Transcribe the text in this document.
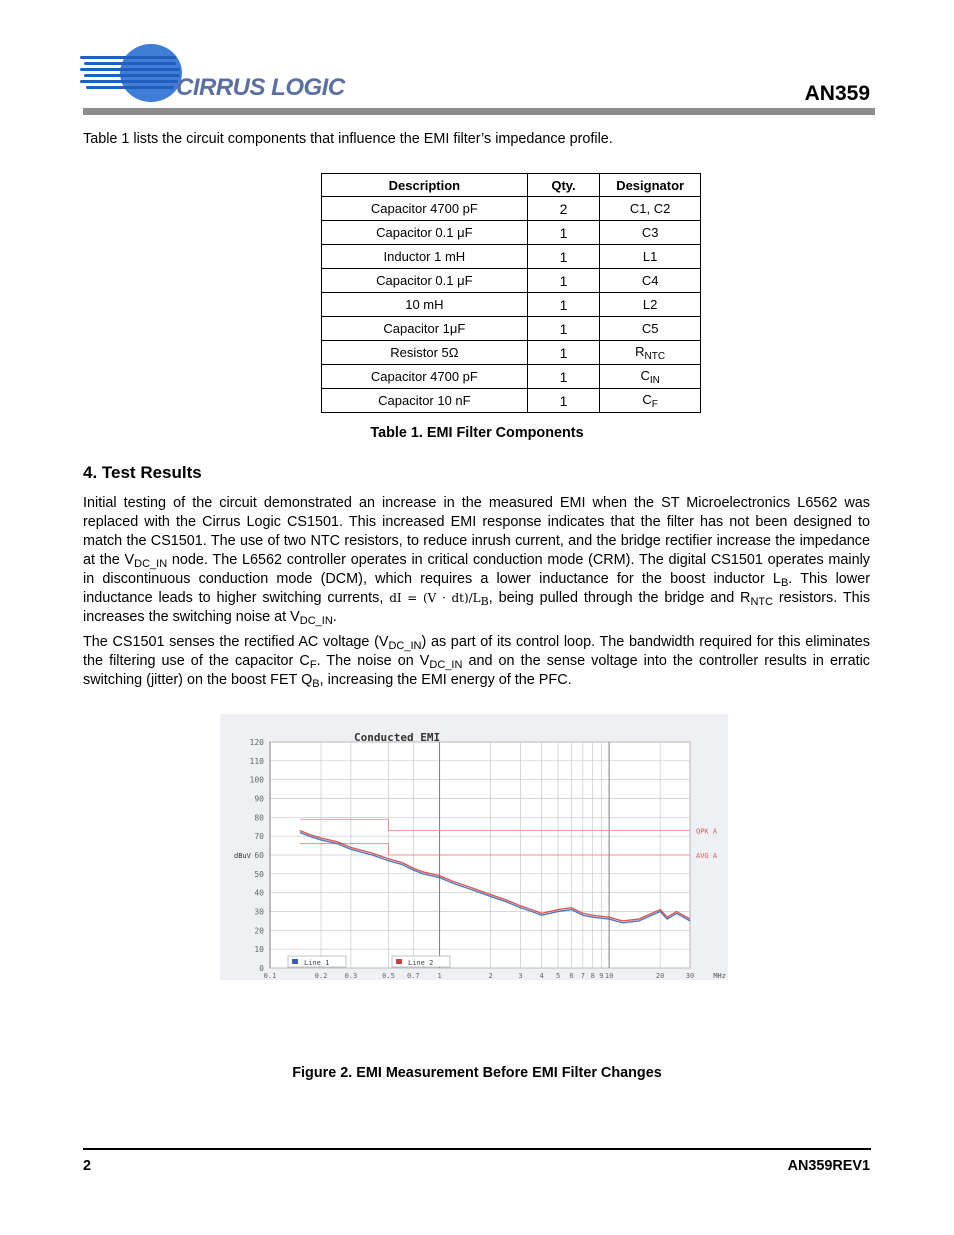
CIRRUS LOGIC	AN359
Table 1 lists the circuit components that influence the EMI filter’s impedance profile.
Description	Qty.	Designator
Capacitor 4700 pF	2	C1, C2
Capacitor 0.1 μF	1	C3
Inductor 1 mH	1	L1
Capacitor 0.1 μF	1	C4
10 mH	1	L2
Capacitor 1μF	1	C5
Resistor 5Ω	1	$R_{NTC}$
Capacitor 4700 pF	1	$C_{IN}$
Capacitor 10 nF	1	$C_F$
Table 1. EMI Filter Components
4. Test Results

Initial testing of the circuit demonstrated an increase in the measured EMI when the ST Microelectronics L6562 was replaced with the Cirrus Logic CS1501. This increased EMI response indicates that the filter has not been designed to match the CS1501. The use of two NTC resistors, to reduce inrush current, and the bridge rectifier increase the impedance at the $V_{DC\_IN}$ node. The L6562 controller operates in critical conduction mode (CRM). The digital CS1501 operates mainly in discontinuous conduction mode (DCM), which requires a lower inductance for the boost inductor $L_B$. This lower inductance leads to higher switching currents, dI = $(V \cdot dt)/L_B$, being pulled through the bridge and $R_{NTC}$ resistors. This increases the switching noise at $V_{DC\_IN}$.

The CS1501 senses the rectified AC voltage $(V_{DC\_IN})$ as part of its control loop. The bandwidth required for this eliminates the filtering use of the capacitor $C_F$. The noise on $V_{DC\_IN}$ and on the sense voltage into the controller results in erratic switching (jitter) on the boost FET $Q_B$, increasing the EMI energy of the PFC.

0
10
20
30
40
50
60
70
80
90
100
110
120
0.1	0.2 0.3	0.5 0.7	1	2	3 4 5 6 7 8 9 10	20	30	MHz
dBuV
Conducted EMI
QPK A
AVG A
Line 1	Line 2
Figure 2. EMI Measurement Before EMI Filter Changes
2	AN359REV1
